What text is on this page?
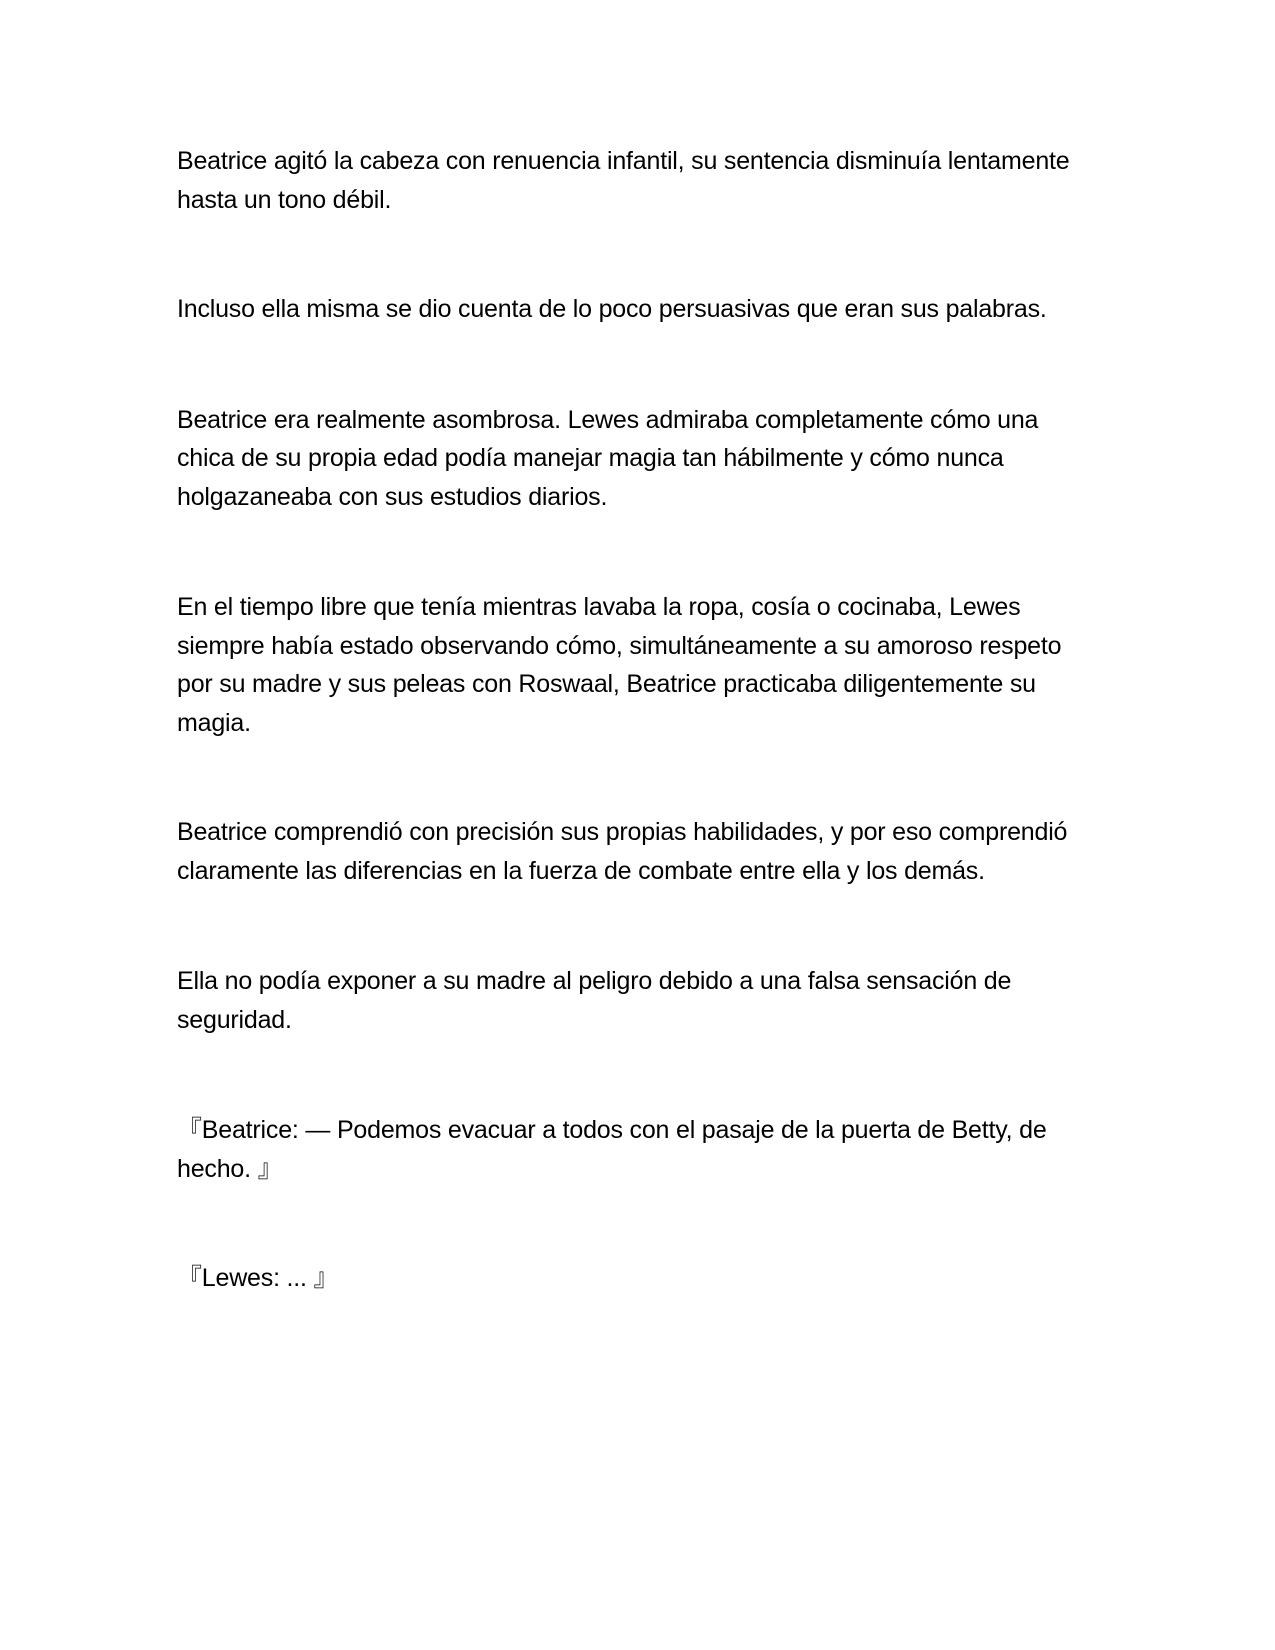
Beatrice agitó la cabeza con renuencia infantil, su sentencia disminuía lentamente hasta un tono débil.

Incluso ella misma se dio cuenta de lo poco persuasivas que eran sus palabras.

Beatrice era realmente asombrosa. Lewes admiraba completamente cómo una chica de su propia edad podía manejar magia tan hábilmente y cómo nunca holgazaneaba con sus estudios diarios.

En el tiempo libre que tenía mientras lavaba la ropa, cosía o cocinaba, Lewes siempre había estado observando cómo, simultáneamente a su amoroso respeto por su madre y sus peleas con Roswaal, Beatrice practicaba diligentemente su magia.

Beatrice comprendió con precisión sus propias habilidades, y por eso comprendió claramente las diferencias en la fuerza de combate entre ella y los demás.

Ella no podía exponer a su madre al peligro debido a una falsa sensación de seguridad.

『Beatrice: — Podemos evacuar a todos con el pasaje de la puerta de Betty, de hecho. 』

『Lewes: ... 』
